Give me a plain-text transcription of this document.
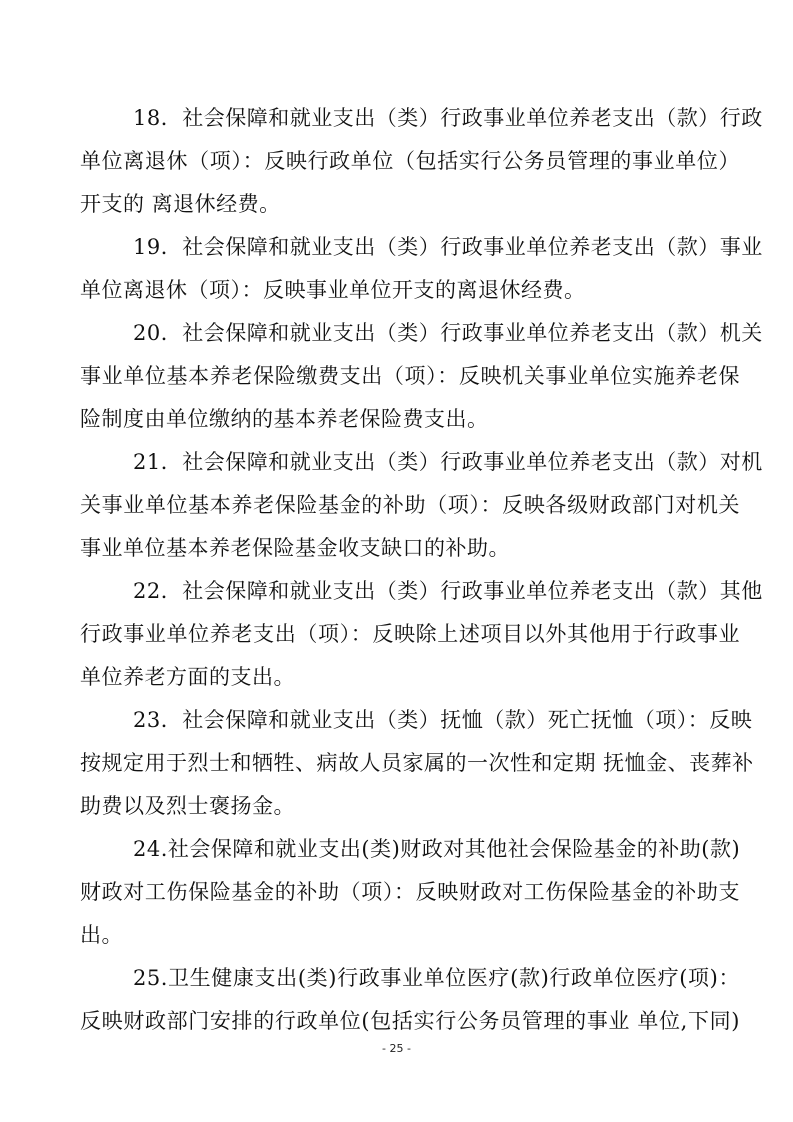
18．社会保障和就业支出（类）行政事业单位养老支出（款）行政
单位离退休（项）：反映行政单位（包括实行公务员管理的事业单位）
开支的 离退休经费。
19．社会保障和就业支出（类）行政事业单位养老支出（款）事业
单位离退休（项）：反映事业单位开支的离退休经费。
20．社会保障和就业支出（类）行政事业单位养老支出（款）机关
事业单位基本养老保险缴费支出（项）：反映机关事业单位实施养老保
险制度由单位缴纳的基本养老保险费支出。
21．社会保障和就业支出（类）行政事业单位养老支出（款）对机
关事业单位基本养老保险基金的补助（项）：反映各级财政部门对机关
事业单位基本养老保险基金收支缺口的补助。
22．社会保障和就业支出（类）行政事业单位养老支出（款）其他
行政事业单位养老支出（项）：反映除上述项目以外其他用于行政事业
单位养老方面的支出。
23．社会保障和就业支出（类）抚恤（款）死亡抚恤（项）：反映
按规定用于烈士和牺牲、病故人员家属的一次性和定期 抚恤金、丧葬补
助费以及烈士褒扬金。
24.社会保障和就业支出(类)财政对其他社会保险基金的补助(款)
财政对工伤保险基金的补助（项）：反映财政对工伤保险基金的补助支
出。
25.卫生健康支出(类)行政事业单位医疗(款)行政单位医疗(项)：
反映财政部门安排的行政单位(包括实行公务员管理的事业 单位,下同)
- 25 -
